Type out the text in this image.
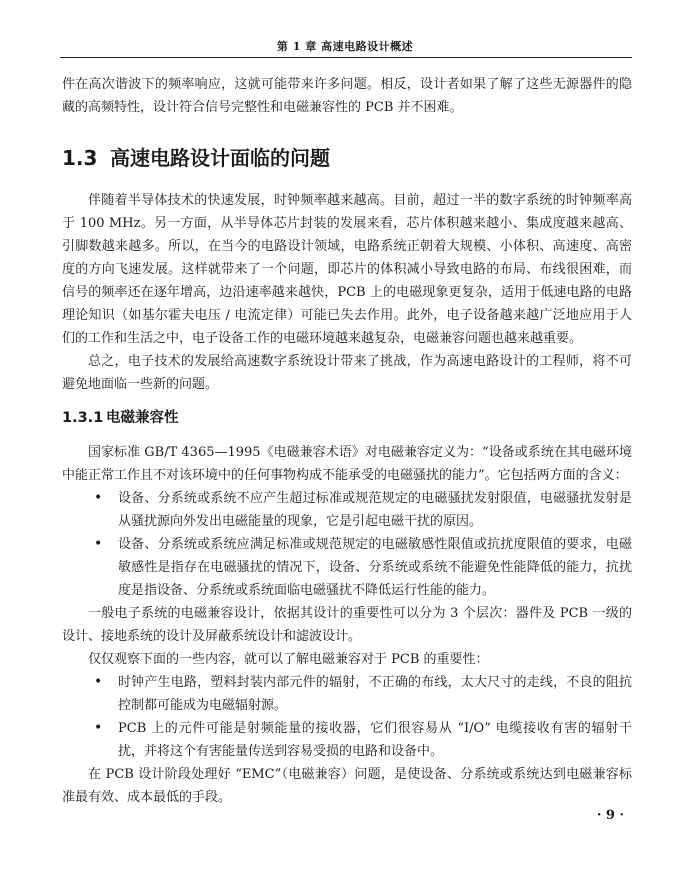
第 1 章 高速电路设计概述

件在高次谐波下的频率响应，这就可能带来许多问题。相反，设计者如果了解了这些无源器件的隐藏的高频特性，设计符合信号完整性和电磁兼容性的 PCB 并不困难。

1.3 高速电路设计面临的问题

伴随着半导体技术的快速发展，时钟频率越来越高。目前，超过一半的数字系统的时钟频率高于 100 MHz。另一方面，从半导体芯片封装的发展来看，芯片体积越来越小、集成度越来越高、引脚数越来越多。所以，在当今的电路设计领域，电路系统正朝着大规模、小体积、高速度、高密度的方向飞速发展。这样就带来了一个问题，即芯片的体积减小导致电路的布局、布线很困难，而信号的频率还在逐年增高，边沿速率越来越快，PCB 上的电磁现象更复杂，适用于低速电路的电路理论知识（如基尔霍夫电压 / 电流定律）可能已失去作用。此外，电子设备越来越广泛地应用于人们的工作和生活之中，电子设备工作的电磁环境越来越复杂，电磁兼容问题也越来越重要。

总之，电子技术的发展给高速数字系统设计带来了挑战，作为高速电路设计的工程师，将不可避免地面临一些新的问题。

1.3.1 电磁兼容性

国家标准 GB/T 4365—1995《电磁兼容术语》对电磁兼容定义为：“设备或系统在其电磁环境中能正常工作且不对该环境中的任何事物构成不能承受的电磁骚扰的能力”。它包括两方面的含义：

• 设备、分系统或系统不应产生超过标准或规范规定的电磁骚扰发射限值，电磁骚扰发射是从骚扰源向外发出电磁能量的现象，它是引起电磁干扰的原因。
• 设备、分系统或系统应满足标准或规范规定的电磁敏感性限值或抗扰度限值的要求，电磁敏感性是指存在电磁骚扰的情况下，设备、分系统或系统不能避免性能降低的能力，抗扰度是指设备、分系统或系统面临电磁骚扰不降低运行性能的能力。

一般电子系统的电磁兼容设计，依据其设计的重要性可以分为 3 个层次：器件及 PCB 一级的设计、接地系统的设计及屏蔽系统设计和滤波设计。

仅仅观察下面的一些内容，就可以了解电磁兼容对于 PCB 的重要性：

• 时钟产生电路，塑料封装内部元件的辐射，不正确的布线，太大尺寸的走线，不良的阻抗控制都可能成为电磁辐射源。
• PCB 上的元件可能是射频能量的接收器，它们很容易从 “I/O” 电缆接收有害的辐射干扰，并将这个有害能量传送到容易受损的电路和设备中。

在 PCB 设计阶段处理好 “EMC”（电磁兼容）问题，是使设备、分系统或系统达到电磁兼容标准最有效、成本最低的手段。

· 9 ·
